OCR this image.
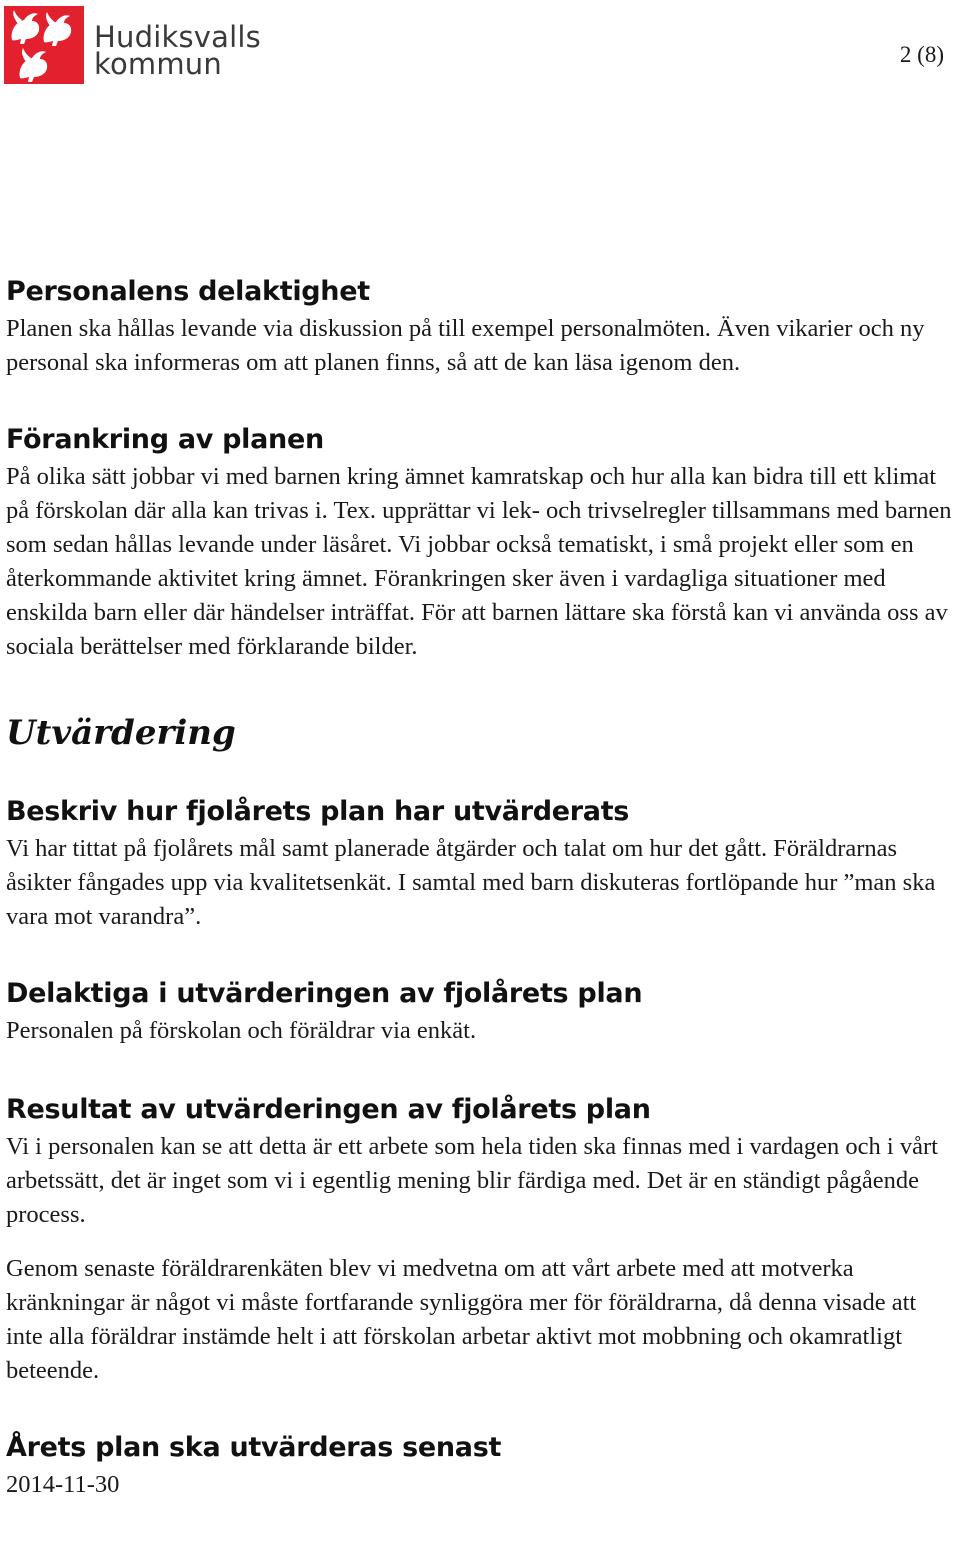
Hudiksvalls
kommun	2 (8)
Personalens delaktighet

Planen ska hållas levande via diskussion på till exempel personalmöten. Även vikarier och ny personal ska informeras om att planen finns, så att de kan läsa igenom den.

Förankring av planen

På olika sätt jobbar vi med barnen kring ämnet kamratskap och hur alla kan bidra till ett klimat på förskolan där alla kan trivas i. Tex. upprättar vi lek- och trivselregler tillsammans med barnen som sedan hållas levande under läsåret. Vi jobbar också tematiskt, i små projekt eller som en återkommande aktivitet kring ämnet. Förankringen sker även i vardagliga situationer med enskilda barn eller där händelser inträffat. För att barnen lättare ska förstå kan vi använda oss av sociala berättelser med förklarande bilder.

Utvärdering
Beskriv hur fjolårets plan har utvärderats

Vi har tittat på fjolårets mål samt planerade åtgärder och talat om hur det gått. Föräldrarnas åsikter fångades upp via kvalitetsenkät. I samtal med barn diskuteras fortlöpande hur ”man ska vara mot varandra”.

Delaktiga i utvärderingen av fjolårets plan

Personalen på förskolan och föräldrar via enkät.

Resultat av utvärderingen av fjolårets plan

Vi i personalen kan se att detta är ett arbete som hela tiden ska finnas med i vardagen och i vårt arbetssätt, det är inget som vi i egentlig mening blir färdiga med. Det är en ständigt pågående process.

Genom senaste föräldrarenkäten blev vi medvetna om att vårt arbete med att motverka kränkningar är något vi måste fortfarande synliggöra mer för föräldrarna, då denna visade att inte alla föräldrar instämde helt i att förskolan arbetar aktivt mot mobbning och okamratligt beteende.

Årets plan ska utvärderas senast

2014-11-30
